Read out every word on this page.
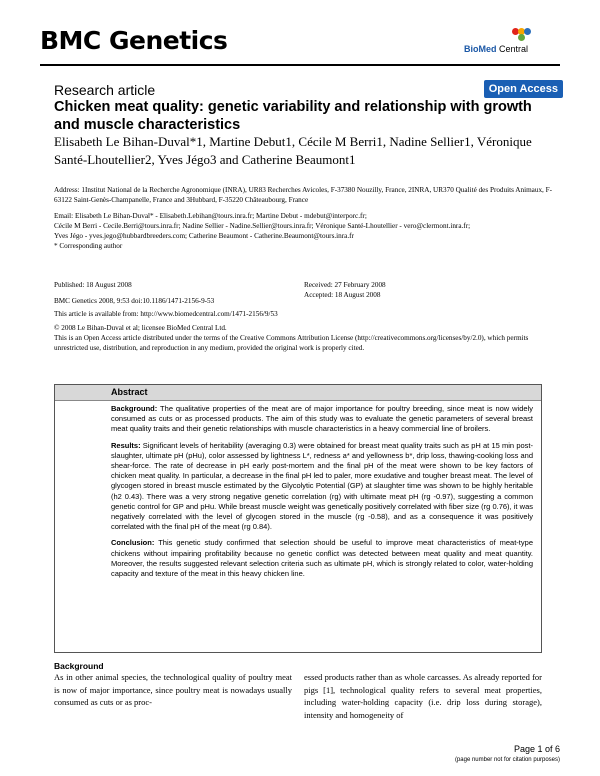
BMC Genetics	BioMed Central
Research article	Open Access
Chicken meat quality: genetic variability and relationship with growth and muscle characteristics
Elisabeth Le Bihan-Duval*1, Martine Debut1, Cécile M Berri1, Nadine Sellier1, Véronique Santé-Lhoutellier2, Yves Jégo3 and Catherine Beaumont1
Address: 1Institut National de la Recherche Agronomique (INRA), UR83 Recherches Avicoles, F-37380 Nouzilly, France, 2INRA, UR370 Qualité des Produits Animaux, F-63122 Saint-Genès-Champanelle, France and 3Hubbard, F-35220 Châteaubourg, France
Email: Elisabeth Le Bihan-Duval* - Elisabeth.Lebihan@tours.inra.fr; Martine Debut - mdebut@interporc.fr;
Cécile M Berri - Cecile.Berri@tours.inra.fr; Nadine Sellier - Nadine.Sellier@tours.inra.fr; Véronique Santé-Lhoutellier - vero@clermont.inra.fr;
Yves Jégo - yves.jego@hubbardbreeders.com; Catherine Beaumont - Catherine.Beaumont@tours.inra.fr
* Corresponding author
Published: 18 August 2008
BMC Genetics 2008, 9:53 doi:10.1186/1471-2156-9-53
Received: 27 February 2008
Accepted: 18 August 2008
This article is available from: http://www.biomedcentral.com/1471-2156/9/53
© 2008 Le Bihan-Duval et al; licensee BioMed Central Ltd.
This is an Open Access article distributed under the terms of the Creative Commons Attribution License (http://creativecommons.org/licenses/by/2.0), which permits unrestricted use, distribution, and reproduction in any medium, provided the original work is properly cited.
Abstract

Background: The qualitative properties of the meat are of major importance for poultry breeding, since meat is now widely consumed as cuts or as processed products. The aim of this study was to evaluate the genetic parameters of several breast meat quality traits and their genetic relationships with muscle characteristics in a heavy commercial line of broilers.

Results: Significant levels of heritability (averaging 0.3) were obtained for breast meat quality traits such as pH at 15 min post-slaughter, ultimate pH (pHu), color assessed by lightness L*, redness a* and yellowness b*, drip loss, thawing-cooking loss and shear-force. The rate of decrease in pH early post-mortem and the final pH of the meat were shown to be key factors of chicken meat quality. In particular, a decrease in the final pH led to paler, more exudative and tougher breast meat. The level of glycogen stored in breast muscle estimated by the Glycolytic Potential (GP) at slaughter time was shown to be highly heritable (h2 0.43). There was a very strong negative genetic correlation (rg) with ultimate meat pH (rg -0.97), suggesting a common genetic control for GP and pHu. While breast muscle weight was genetically positively correlated with fiber size (rg 0.76), it was negatively correlated with the level of glycogen stored in the muscle (rg -0.58), and as a consequence it was positively correlated with the final pH of the meat (rg 0.84).

Conclusion: This genetic study confirmed that selection should be useful to improve meat characteristics of meat-type chickens without impairing profitability because no genetic conflict was detected between meat quality and meat quantity. Moreover, the results suggested relevant selection criteria such as ultimate pH, which is strongly related to color, water-holding capacity and texture of the meat in this heavy chicken line.

Background
As in other animal species, the technological quality of poultry meat is now of major importance, since poultry meat is nowadays usually consumed as cuts or as proc-
essed products rather than as whole carcasses. As already reported for pigs [1], technological quality refers to several meat properties, including water-holding capacity (i.e. drip loss during storage), intensity and homogeneity of
Page 1 of 6
(page number not for citation purposes)
